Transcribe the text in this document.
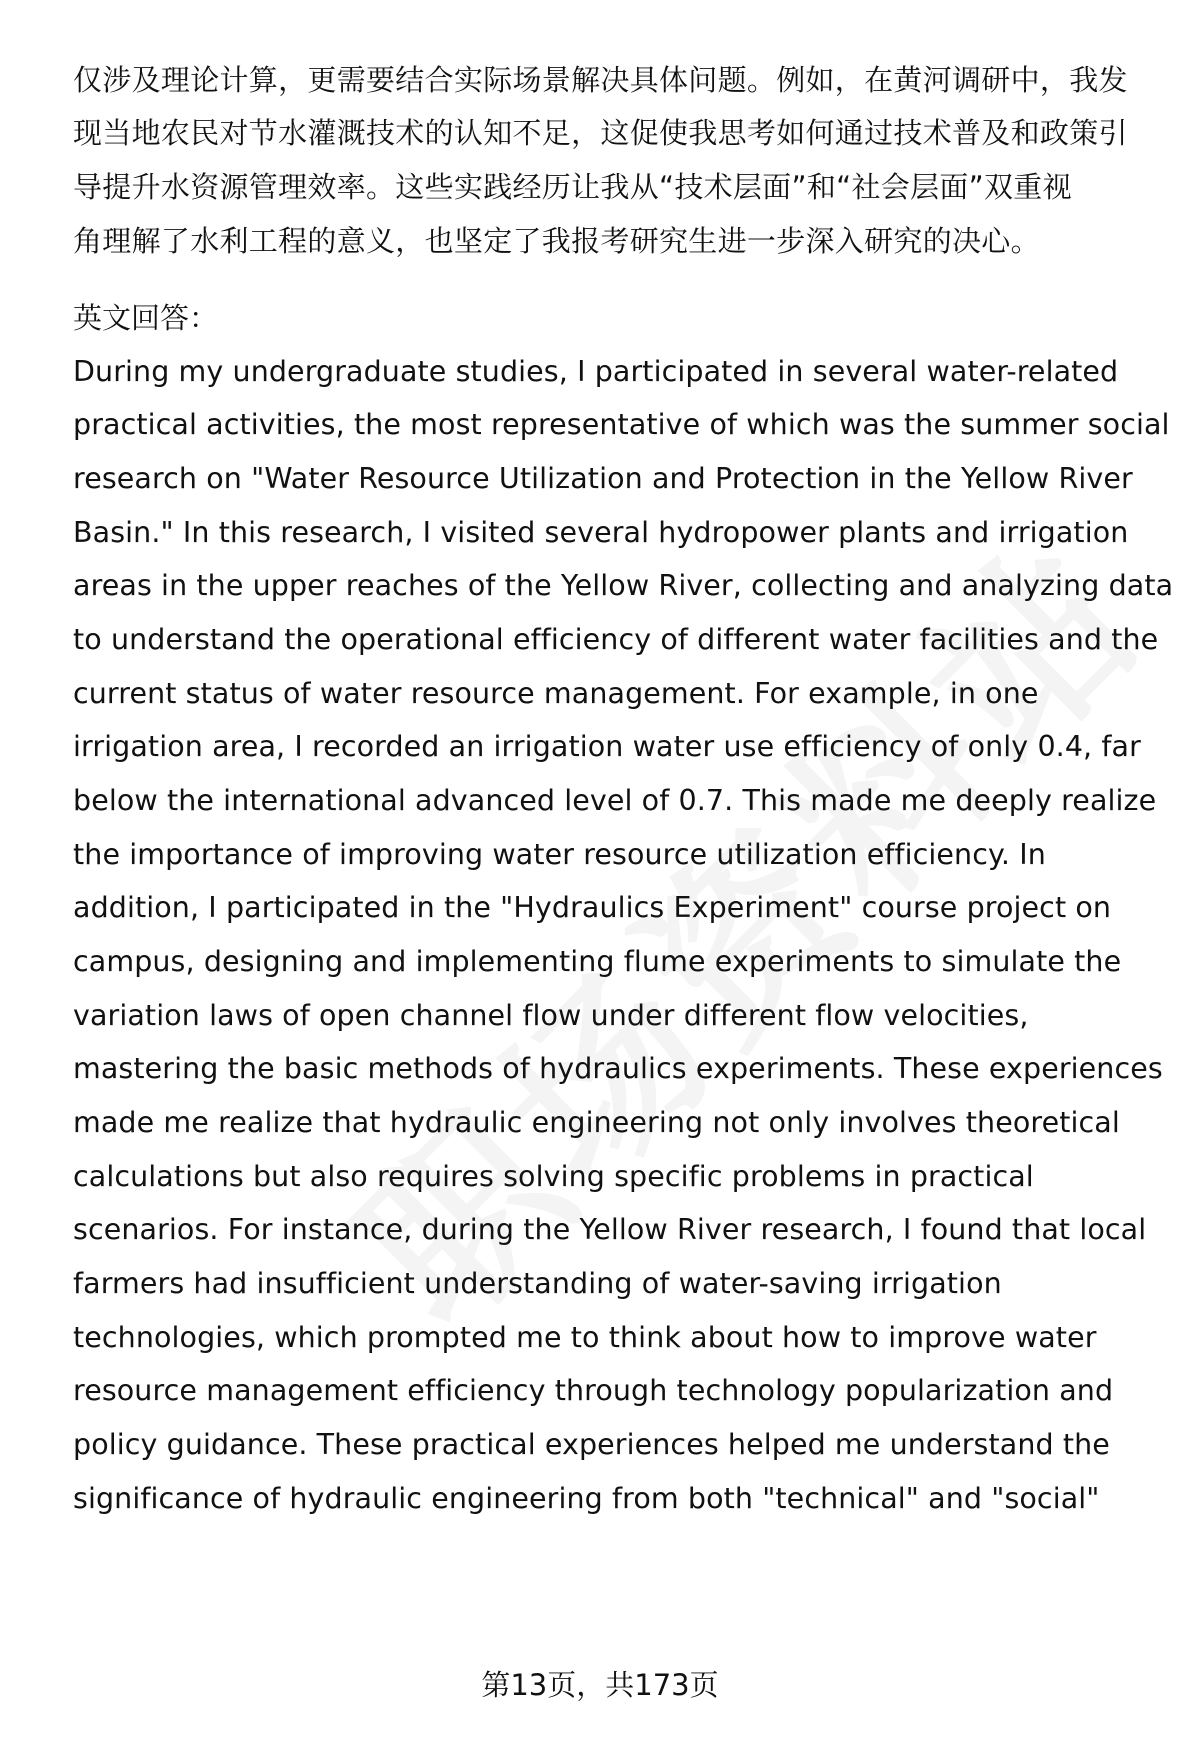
仅涉及理论计算，更需要结合实际场景解决具体问题。例如，在黄河调研中，我发
现当地农民对节水灌溉技术的认知不足，这促使我思考如何通过技术普及和政策引
导提升水资源管理效率。这些实践经历让我从“技术层面”和“社会层面”双重视
角理解了水利工程的意义，也坚定了我报考研究生进一步深入研究的决心。
英文回答：
During my undergraduate studies, I participated in several water-related
practical activities, the most representative of which was the summer social
research on "Water Resource Utilization and Protection in the Yellow River
Basin." In this research, I visited several hydropower plants and irrigation
areas in the upper reaches of the Yellow River, collecting and analyzing data
to understand the operational efficiency of different water facilities and the
current status of water resource management. For example, in one
irrigation area, I recorded an irrigation water use efficiency of only 0.4, far
below the international advanced level of 0.7. This made me deeply realize
the importance of improving water resource utilization efficiency. In
addition, I participated in the "Hydraulics Experiment" course project on
campus, designing and implementing flume experiments to simulate the
variation laws of open channel flow under different flow velocities,
mastering the basic methods of hydraulics experiments. These experiences
made me realize that hydraulic engineering not only involves theoretical
calculations but also requires solving specific problems in practical
scenarios. For instance, during the Yellow River research, I found that local
farmers had insufficient understanding of water-saving irrigation
technologies, which prompted me to think about how to improve water
resource management efficiency through technology popularization and
policy guidance. These practical experiences helped me understand the
significance of hydraulic engineering from both "technical" and "social"
第13页，共173页
